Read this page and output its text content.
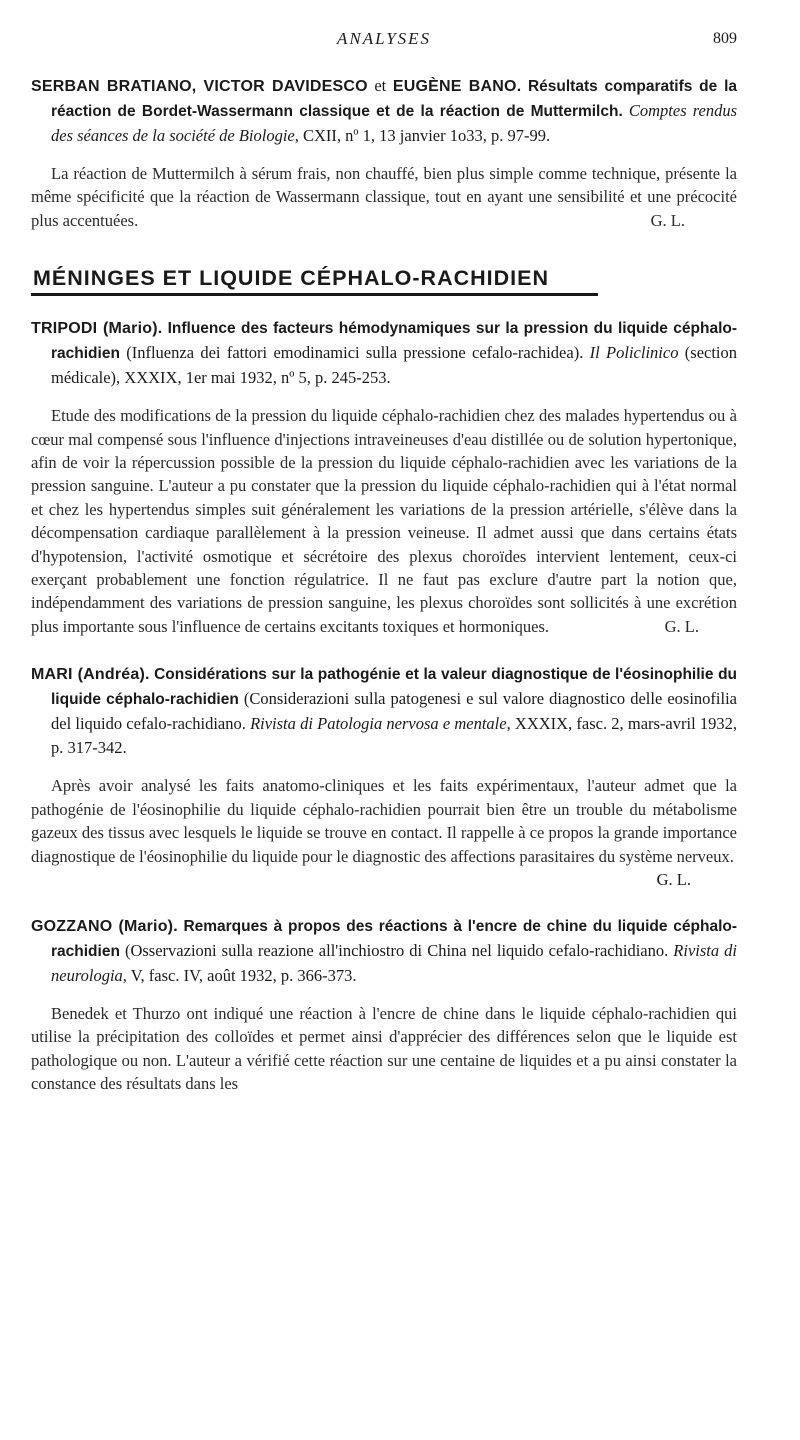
ANALYSES	809
SERBAN BRATIANO, VICTOR DAVIDESCO et EUGÈNE BANO. Résultats comparatifs de la réaction de Bordet-Wassermann classique et de la réaction de Muttermilch. Comptes rendus des séances de la société de Biologie, CXII, nº 1, 13 janvier 1o33, p. 97-99.
La réaction de Muttermilch à sérum frais, non chauffé, bien plus simple comme technique, présente la même spécificité que la réaction de Wassermann classique, tout en ayant une sensibilité et une précocité plus accentuées.	G. L.
MÉNINGES ET LIQUIDE CÉPHALO-RACHIDIEN
TRIPODI (Mario). Influence des facteurs hémodynamiques sur la pression du liquide céphalo-rachidien (Influenza dei fattori emodinamici sulla pressione cefalo-rachidea). Il Policlinico (section médicale), XXXIX, 1er mai 1932, nº 5, p. 245-253.
Etude des modifications de la pression du liquide céphalo-rachidien chez des malades hypertendus ou à cœur mal compensé sous l'influence d'injections intraveineuses d'eau distillée ou de solution hypertonique, afin de voir la répercussion possible de la pression du liquide céphalo-rachidien avec les variations de la pression sanguine. L'auteur a pu constater que la pression du liquide céphalo-rachidien qui à l'état normal et chez les hypertendus simples suit généralement les variations de la pression artérielle, s'élève dans la décompensation cardiaque parallèlement à la pression veineuse. Il admet aussi que dans certains états d'hypotension, l'activité osmotique et sécrétoire des plexus choroïdes intervient lentement, ceux-ci exerçant probablement une fonction régulatrice. Il ne faut pas exclure d'autre part la notion que, indépendamment des variations de pression sanguine, les plexus choroïdes sont sollicités à une excrétion plus importante sous l'influence de certains excitants toxiques et hormoniques.	G. L.
MARI (Andréa). Considérations sur la pathogénie et la valeur diagnostique de l'éosinophilie du liquide céphalo-rachidien (Considerazioni sulla patogenesi e sul valore diagnostico delle eosinofilia del liquido cefalo-rachidiano. Rivista di Patologia nervosa e mentale, XXXIX, fasc. 2, mars-avril 1932, p. 317-342.
Après avoir analysé les faits anatomo-cliniques et les faits expérimentaux, l'auteur admet que la pathogénie de l'éosinophilie du liquide céphalo-rachidien pourrait bien être un trouble du métabolisme gazeux des tissus avec lesquels le liquide se trouve en contact. Il rappelle à ce propos la grande importance diagnostique de l'éosinophilie du liquide pour le diagnostic des affections parasitaires du système nerveux.
G. L.
GOZZANO (Mario). Remarques à propos des réactions à l'encre de chine du liquide céphalo-rachidien (Osservazioni sulla reazione all'inchiostro di China nel liquido cefalo-rachidiano. Rivista di neurologia, V, fasc. IV, août 1932, p. 366-373.
Benedek et Thurzo ont indiqué une réaction à l'encre de chine dans le liquide céphalo-rachidien qui utilise la précipitation des colloïdes et permet ainsi d'apprécier des différences selon que le liquide est pathologique ou non. L'auteur a vérifié cette réaction sur une centaine de liquides et a pu ainsi constater la constance des résultats dans les
